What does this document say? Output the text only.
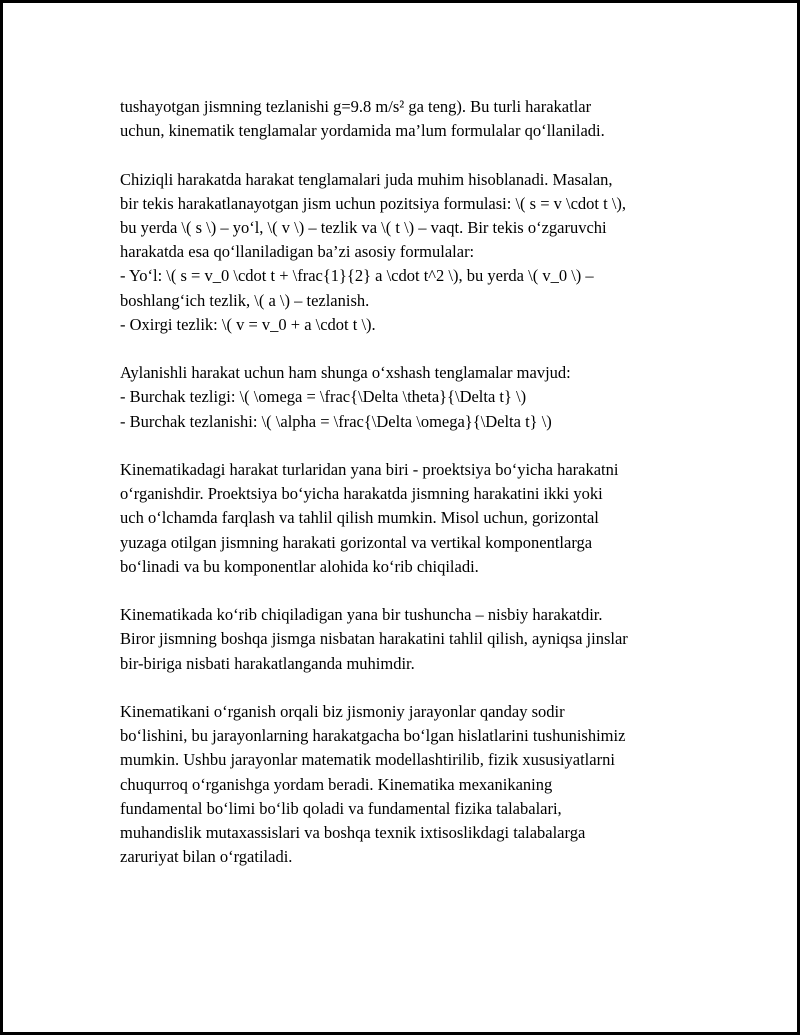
tushayotgan jismning tezlanishi g=9.8 m/s² ga teng). Bu turli harakatlar
uchun, kinematik tenglamalar yordamida ma’lum formulalar qo‘llaniladi.

Chiziqli harakatda harakat tenglamalari juda muhim hisoblanadi. Masalan,
bir tekis harakatlanayotgan jism uchun pozitsiya formulasi: \( s = v \cdot t \),
bu yerda \( s \) – yo‘l, \( v \) – tezlik va \( t \) – vaqt. Bir tekis o‘zgaruvchi
harakatda esa qo‘llaniladigan ba’zi asosiy formulalar:
- Yo‘l: \( s = v_0 \cdot t + \frac{1}{2} a \cdot t^2 \), bu yerda \( v_0 \) –
boshlang‘ich tezlik, \( a \) – tezlanish.
- Oxirgi tezlik: \( v = v_0 + a \cdot t \).

Aylanishli harakat uchun ham shunga o‘xshash tenglamalar mavjud:
- Burchak tezligi: \( \omega = \frac{\Delta \theta}{\Delta t} \)
- Burchak tezlanishi: \( \alpha = \frac{\Delta \omega}{\Delta t} \)

Kinematikadagi harakat turlaridan yana biri - proektsiya bo‘yicha harakatni
o‘rganishdir. Proektsiya bo‘yicha harakatda jismning harakatini ikki yoki
uch o‘lchamda farqlash va tahlil qilish mumkin. Misol uchun, gorizontal
yuzaga otilgan jismning harakati gorizontal va vertikal komponentlarga
bo‘linadi va bu komponentlar alohida ko‘rib chiqiladi.

Kinematikada ko‘rib chiqiladigan yana bir tushuncha – nisbiy harakatdir.
Biror jismning boshqa jismga nisbatan harakatini tahlil qilish, ayniqsa jinslar
bir-biriga nisbati harakatlanganda muhimdir.

Kinematikani o‘rganish orqali biz jismoniy jarayonlar qanday sodir
bo‘lishini, bu jarayonlarning harakatgacha bo‘lgan hislatlarini tushunishimiz
mumkin. Ushbu jarayonlar matematik modellashtirilib, fizik xususiyatlarni
chuqurroq o‘rganishga yordam beradi. Kinematika mexanikaning
fundamental bo‘limi bo‘lib qoladi va fundamental fizika talabalari,
muhandislik mutaxassislari va boshqa texnik ixtisoslikdagi talabalarga
zaruriyat bilan o‘rgatiladi.
